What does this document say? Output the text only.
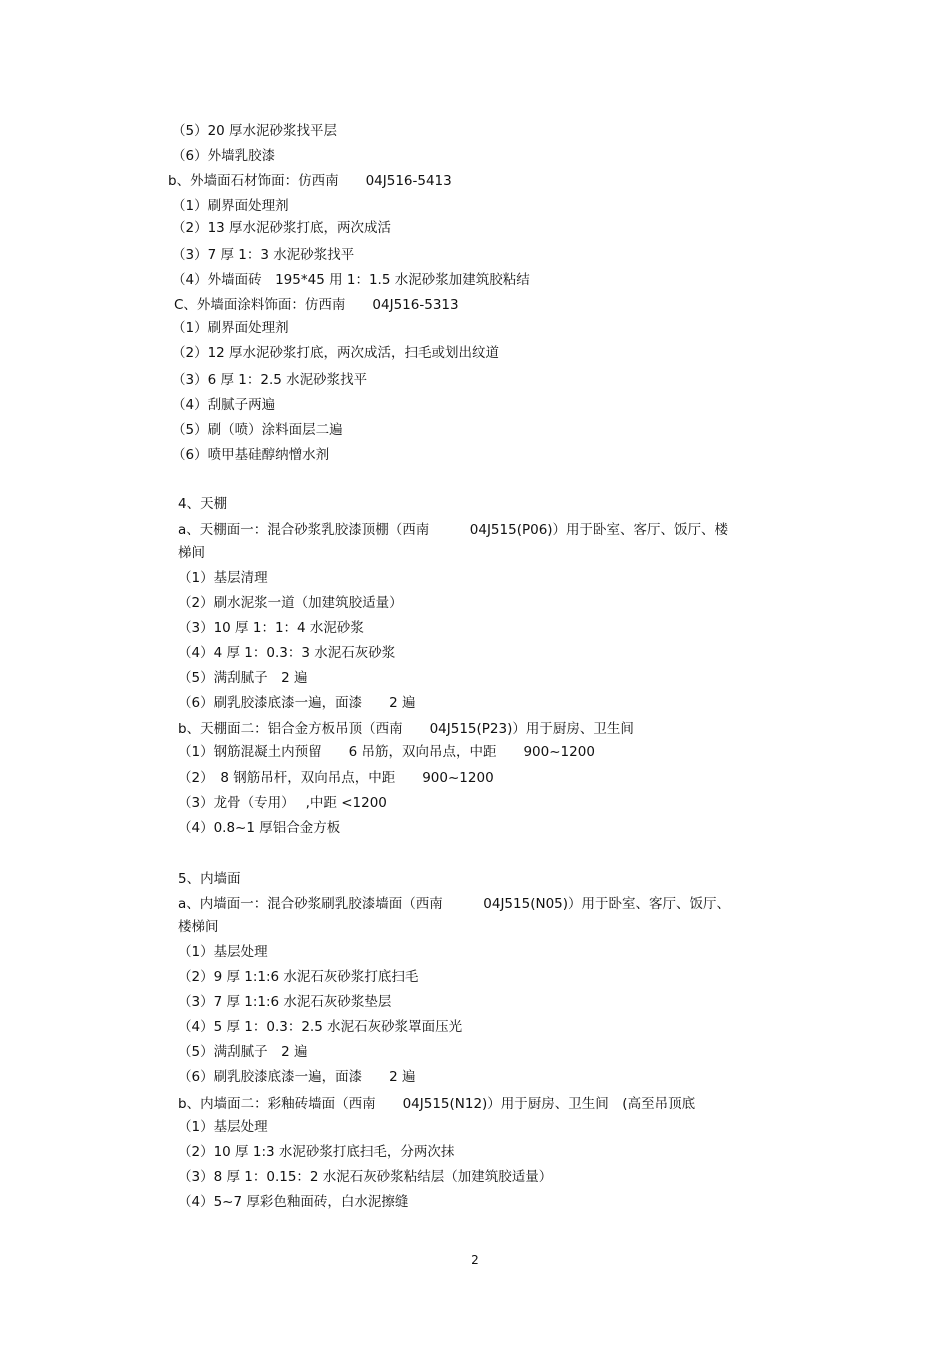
（5）20 厚水泥砂浆找平层
（6）外墙乳胶漆
b、外墙面石材饰面：仿西南　　04J516-5413
（1）刷界面处理剂
（2）13 厚水泥砂浆打底，两次成活
（3）7 厚 1：3 水泥砂浆找平
（4）外墙面砖　195*45 用 1：1.5 水泥砂浆加建筑胶粘结
C、外墙面涂料饰面：仿西南　　04J516-5313
（1）刷界面处理剂
（2）12 厚水泥砂浆打底，两次成活，扫毛或划出纹道
（3）6 厚 1：2.5 水泥砂浆找平
（4）刮腻子两遍
（5）刷（喷）涂料面层二遍
（6）喷甲基硅醇纳憎水剂
4、天棚
a、天棚面一：混合砂浆乳胶漆顶棚（西南　　　04J515(P06)）用于卧室、客厅、饭厅、楼
梯间
（1）基层清理
（2）刷水泥浆一道（加建筑胶适量）
（3）10 厚 1：1：4 水泥砂浆
（4）4 厚 1：0.3：3 水泥石灰砂浆
（5）满刮腻子　2 遍
（6）刷乳胶漆底漆一遍，面漆　　2 遍
b、天棚面二：铝合金方板吊顶（西南　　04J515(P23)）用于厨房、卫生间
（1）钢筋混凝土内预留　　6 吊筋，双向吊点，中距　　900~1200
（2）　8 钢筋吊杆，双向吊点，中距　　900~1200
（3）龙骨（专用）　 ,中距 <1200
（4）0.8~1 厚铝合金方板
5、内墙面
a、内墙面一：混合砂浆刷乳胶漆墙面（西南　　　04J515(N05)）用于卧室、客厅、饭厅、
楼梯间
（1）基层处理
（2）9 厚 1:1:6 水泥石灰砂浆打底扫毛
（3）7 厚 1:1:6 水泥石灰砂浆垫层
（4）5 厚 1：0.3：2.5 水泥石灰砂浆罩面压光
（5）满刮腻子　2 遍
（6）刷乳胶漆底漆一遍，面漆　　2 遍
b、内墙面二：彩釉砖墙面（西南　　04J515(N12)）用于厨房、卫生间　(高至吊顶底
（1）基层处理
（2）10 厚 1:3 水泥砂浆打底扫毛，分两次抹
（3）8 厚 1：0.15：2 水泥石灰砂浆粘结层（加建筑胶适量）
（4）5~7 厚彩色釉面砖，白水泥擦缝
2
